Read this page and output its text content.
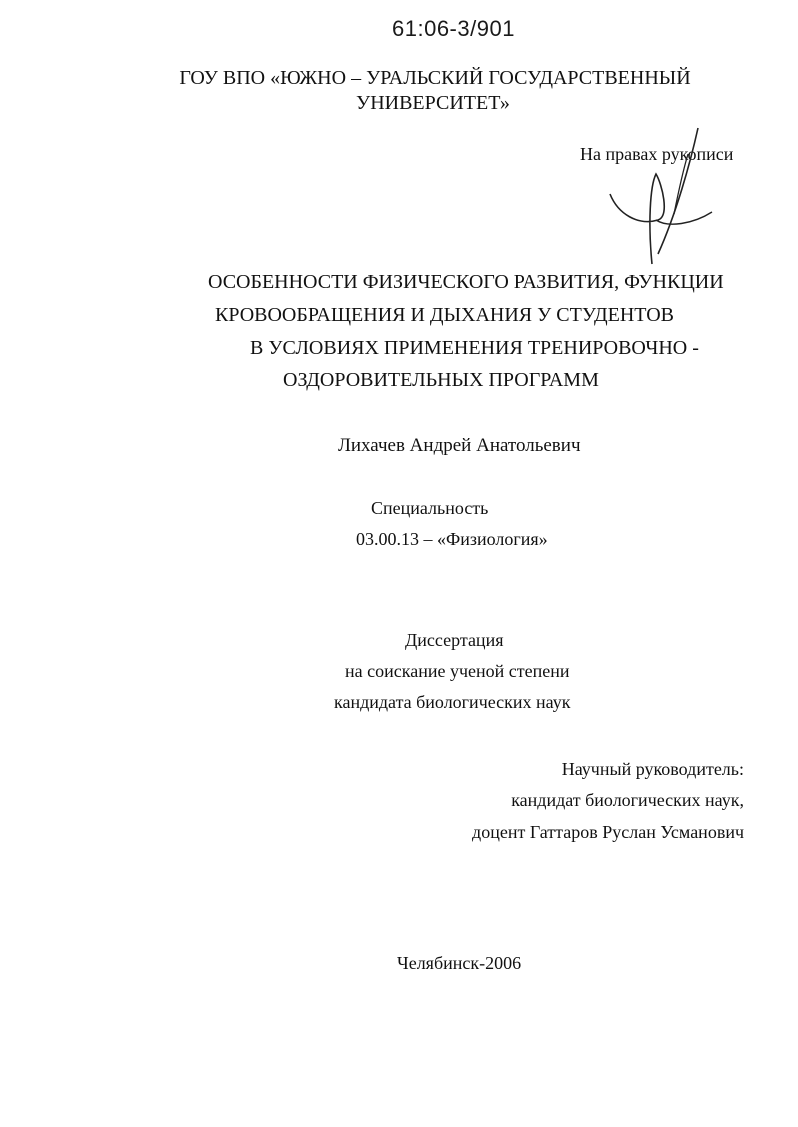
61:06-3/901
ГОУ ВПО «ЮЖНО – УРАЛЬСКИЙ ГОСУДАРСТВЕННЫЙ
УНИВЕРСИТЕТ»
На правах рукописи
ОСОБЕННОСТИ ФИЗИЧЕСКОГО РАЗВИТИЯ, ФУНКЦИИ
КРОВООБРАЩЕНИЯ И ДЫХАНИЯ У СТУДЕНТОВ
В УСЛОВИЯХ ПРИМЕНЕНИЯ ТРЕНИРОВОЧНО -
ОЗДОРОВИТЕЛЬНЫХ ПРОГРАММ
Лихачев Андрей Анатольевич
Специальность
03.00.13 – «Физиология»
Диссертация
на соискание ученой степени
кандидата биологических наук
Научный руководитель:
кандидат биологических наук,
доцент Гаттаров Руслан Усманович
Челябинск-2006
